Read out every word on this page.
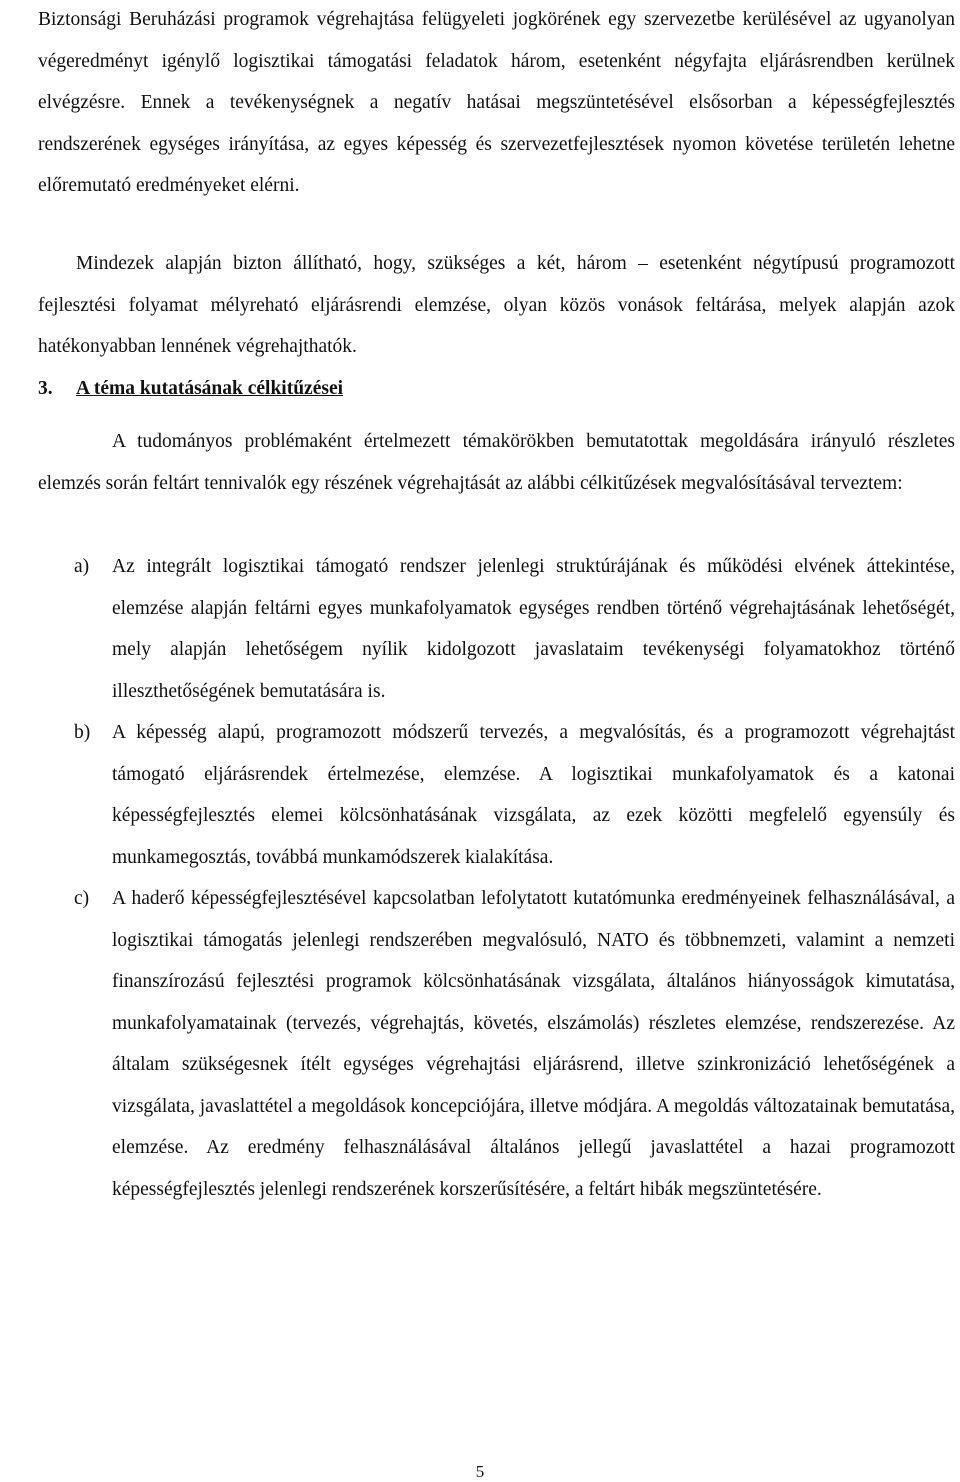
Biztonsági Beruházási programok végrehajtása felügyeleti jogkörének egy szervezetbe kerülésével az ugyanolyan végeredményt igénylő logisztikai támogatási feladatok három, esetenként négyfajta eljárásrendben kerülnek elvégzésre. Ennek a tevékenységnek a negatív hatásai megszüntetésével elsősorban a képességfejlesztés rendszerének egységes irányítása, az egyes képesség és szervezetfejlesztések nyomon követése területén lehetne előremutató eredményeket elérni.

Mindezek alapján bizton állítható, hogy, szükséges a két, három – esetenként négytípusú programozott fejlesztési folyamat mélyreható eljárásrendi elemzése, olyan közös vonások feltárása, melyek alapján azok hatékonyabban lennének végrehajthatók.

3. A téma kutatásának célkitűzései

A tudományos problémaként értelmezett témakörökben bemutatottak megoldására irányuló részletes elemzés során feltárt tennivalók egy részének végrehajtását az alábbi célkitűzések megvalósításával terveztem:

a) Az integrált logisztikai támogató rendszer jelenlegi struktúrájának és működési elvének áttekintése, elemzése alapján feltárni egyes munkafolyamatok egységes rendben történő végrehajtásának lehetőségét, mely alapján lehetőségem nyílik kidolgozott javaslataim tevékenységi folyamatokhoz történő illeszthetőségének bemutatására is.

b) A képesség alapú, programozott módszerű tervezés, a megvalósítás, és a programozott végrehajtást támogató eljárásrendek értelmezése, elemzése. A logisztikai munkafolyamatok és a katonai képességfejlesztés elemei kölcsönhatásának vizsgálata, az ezek közötti megfelelő egyensúly és munkamegosztás, továbbá munkamódszerek kialakítása.

c) A haderő képességfejlesztésével kapcsolatban lefolytatott kutatómunka eredményeinek felhasználásával, a logisztikai támogatás jelenlegi rendszerében megvalósuló, NATO és többnemzeti, valamint a nemzeti finanszírozású fejlesztési programok kölcsönhatásának vizsgálata, általános hiányosságok kimutatása, munkafolyamatainak (tervezés, végrehajtás, követés, elszámolás) részletes elemzése, rendszerezése. Az általam szükségesnek ítélt egységes végrehajtási eljárásrend, illetve szinkronizáció lehetőségének a vizsgálata, javaslattétel a megoldások koncepciójára, illetve módjára. A megoldás változatainak bemutatása, elemzése. Az eredmény felhasználásával általános jellegű javaslattétel a hazai programozott képességfejlesztés jelenlegi rendszerének korszerűsítésére, a feltárt hibák megszüntetésére.

5
